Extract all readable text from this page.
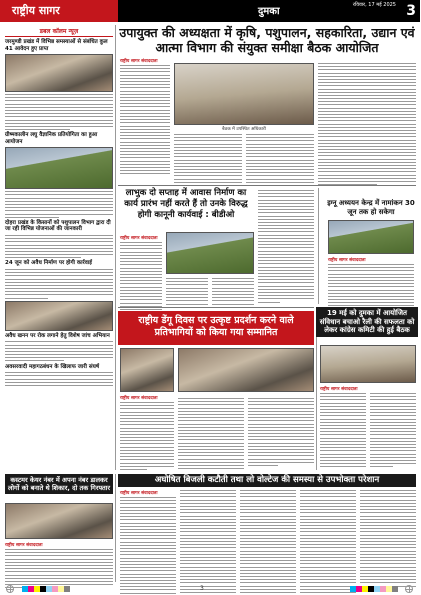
राष्ट्रीय सागर	दुमका
रविवार, 17 मई 2025 3
डबल कॉलम न्यूज़
जरमुण्डी प्रखंड में विभिन्न समस्याओं से संबंधित कुल 41 आवेदन हुए प्राप्त
ग्रीष्मकालीन लघु वैज्ञानिक प्रतियोगिता का हुआ आयोजन
दोहरा प्रखंड के किसानों को पशुपालन विभाग द्वारा दी जा रही विभिन्न योजनाओं की जानकारी
24 जून को अवैध निर्माण पर होगी कार्रवाई
अवैध खनन पर रोक लगाने हेतु विशेष जांच अभियान
अवसरवादी महागठबंधन के खिलाफ जारी संघर्ष
उपायुक्त की अध्यक्षता में कृषि, पशुपालन, सहकारिता, उद्यान एवं आत्मा विभाग की संयुक्त समीक्षा बैठक आयोजित
राष्ट्रीय सागर संवाददाता
बैठक में उपस्थित अधिकारी
लाभुक दो सप्ताह में आवास निर्माण का कार्य प्रारंभ नहीं करते हैं तो उनके विरुद्ध होगी कानूनी कार्यवाई : बीडीओ
राष्ट्रीय सागर संवाददाता
इग्नू अध्ययन केन्द्र में नामांकन 30 जून तक हो सकेगा
राष्ट्रीय सागर संवाददाता
राष्ट्रीय डेंगू दिवस पर उत्कृष्ट प्रदर्शन करने वाले प्रतिभागियों को किया गया सम्मानित
राष्ट्रीय सागर संवाददाता
19 मई को दुमका में आयोजित संविधान बचाओ रैली की सफलता को लेकर कांग्रेस कमिटी की हुई बैठक
राष्ट्रीय सागर संवाददाता
कस्टमर केयर नंबर में अपना नंबर डालकर लोगों को बनाते थे शिकार, दो तक गिरफ्तार
राष्ट्रीय सागर संवाददाता
अघोषित बिजली कटौती तथा लो वोल्टेज की समस्या से उपभोक्ता परेशान
राष्ट्रीय सागर संवाददाता
3
